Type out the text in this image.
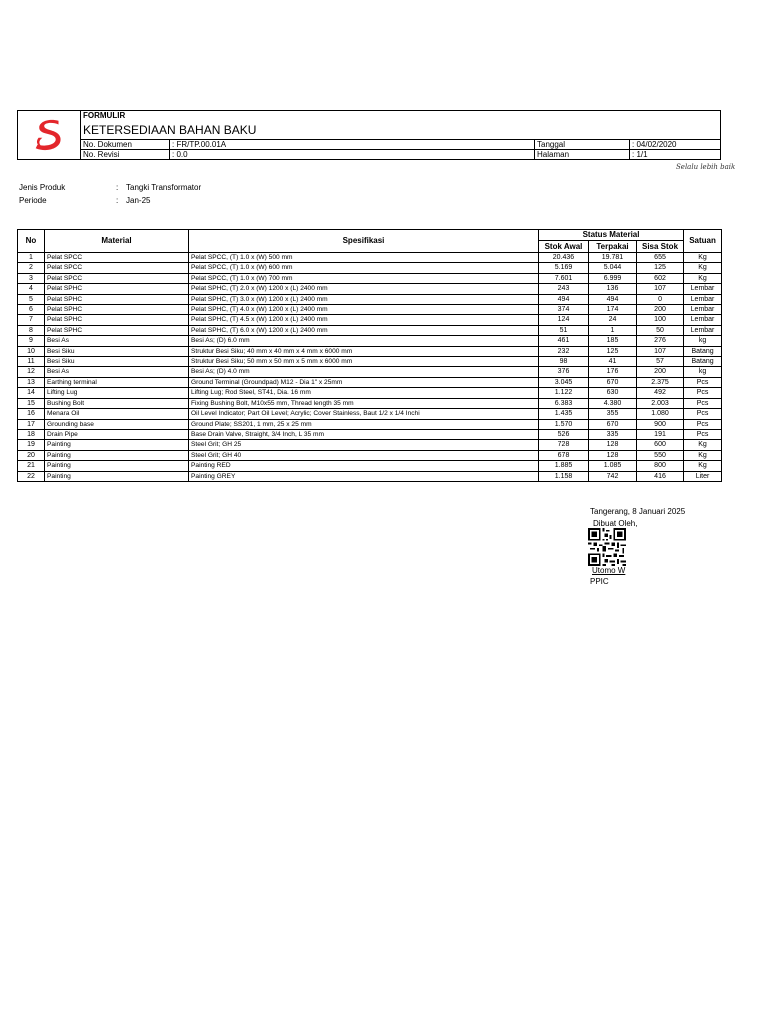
	FORMULIR			
	KETERSEDIAAN BAHAN BAKU			
	No. Dokumen	: FR/TP.00.01A	Tanggal	: 04/02/2020
	No. Revisi	: 0.0	Halaman	: 1/1
Selalu lebih baik
Jenis Produk	: Tangki Transformator
Periode	: Jan-25
No	Material	Spesifikasi	Status Material			Satuan
			Stok Awal	Terpakai	Sisa Stok	
1	Pelat SPCC	Pelat SPCC, (T) 1.0 x (W) 500 mm	20.436	19.781	655	Kg
2	Pelat SPCC	Pelat SPCC, (T) 1.0 x (W) 600 mm	5.169	5.044	125	Kg
3	Pelat SPCC	Pelat SPCC, (T) 1.0 x (W) 700 mm	7.601	6.999	602	Kg
4	Pelat SPHC	Pelat SPHC, (T) 2.0 x (W) 1200 x (L) 2400 mm	243	136	107	Lembar
5	Pelat SPHC	Pelat SPHC, (T) 3.0 x (W) 1200 x (L) 2400 mm	494	494	0	Lembar
6	Pelat SPHC	Pelat SPHC, (T) 4.0 x (W) 1200 x (L) 2400 mm	374	174	200	Lembar
7	Pelat SPHC	Pelat SPHC, (T) 4.5 x (W) 1200 x (L) 2400 mm	124	24	100	Lembar
8	Pelat SPHC	Pelat SPHC, (T) 6.0 x (W) 1200 x (L) 2400 mm	51	1	50	Lembar
9	Besi As	Besi As; (D) 6.0 mm	461	185	276	kg
10	Besi Siku	Struktur Besi Siku; 40 mm x 40 mm x 4 mm x 6000 mm	232	125	107	Batang
11	Besi Siku	Struktur Besi Siku; 50 mm x 50 mm x 5 mm x 6000 mm	98	41	57	Batang
12	Besi As	Besi As; (D) 4.0 mm	376	176	200	kg
13	Earthing terminal	Ground Terminal (Groundpad) M12 - Dia 1" x 25mm	3.045	670	2.375	Pcs
14	Lifting Lug	Lifting Lug; Rod Steel, ST41, Dia. 16 mm	1.122	630	492	Pcs
15	Bushing Bolt	Fixing Bushing Bolt, M10x55 mm, Thread length 35 mm	6.383	4.380	2.003	Pcs
16	Menara Oil	Oil Level Indicator; Part Oil Level; Acrylic; Cover Stainless, Baut 1/2 x 1/4 Inchi	1.435	355	1.080	Pcs
17	Grounding base	Ground Plate; SS201, 1 mm, 25 x 25 mm	1.570	670	900	Pcs
18	Drain Pipe	Base Drain Valve, Straight, 3/4 Inch, L 35 mm	526	335	191	Pcs
19	Painting	Steel Grit; GH 25	728	128	600	Kg
20	Painting	Steel Grit; GH 40	678	128	550	Kg
21	Painting	Painting RED	1.885	1.085	800	Kg
22	Painting	Painting GREY	1.158	742	416	Liter
Tangerang, 8 Januari 2025
Dibuat Oleh,
Utomo W
PPIC
